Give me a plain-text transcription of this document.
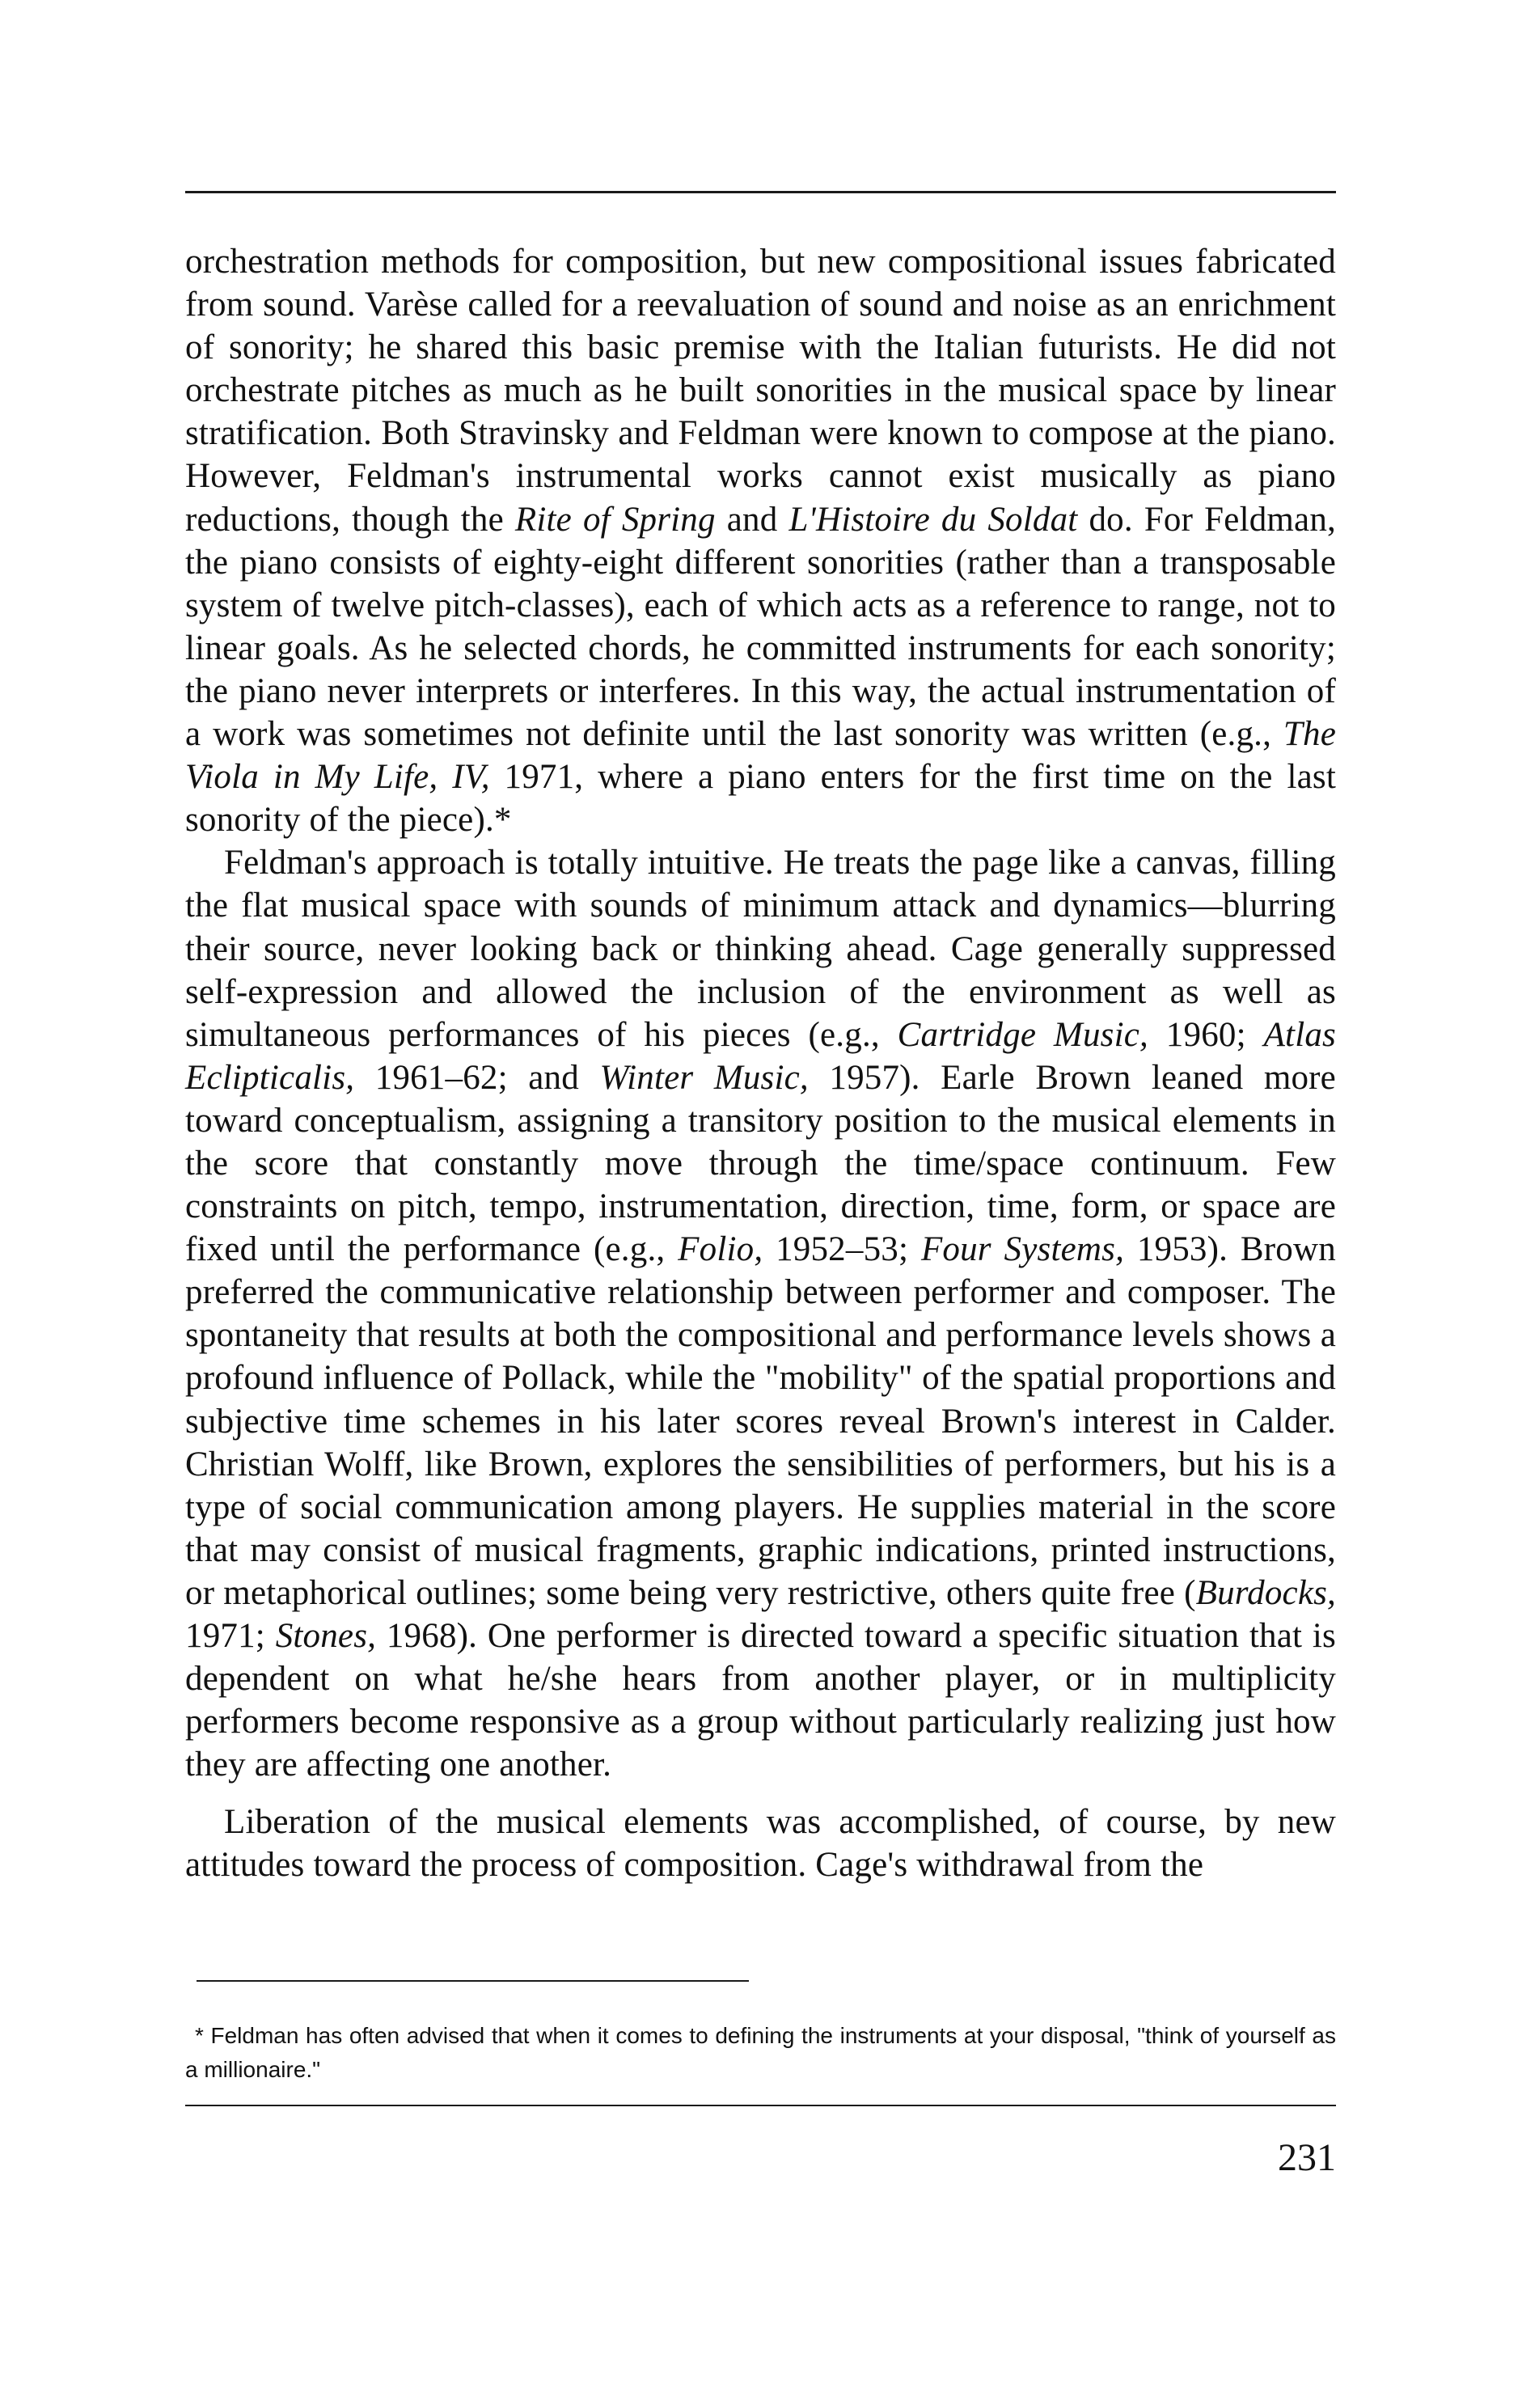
orchestration methods for composition, but new compositional issues fabricated from sound. Varèse called for a reevaluation of sound and noise as an enrichment of sonority; he shared this basic premise with the Italian futurists. He did not orchestrate pitches as much as he built sonorities in the musical space by linear stratification. Both Stravinsky and Feldman were known to compose at the piano. However, Feldman's instrumental works cannot exist musically as piano reductions, though the Rite of Spring and L'Histoire du Soldat do. For Feldman, the piano consists of eighty-eight different sonorities (rather than a transposable system of twelve pitch-classes), each of which acts as a reference to range, not to linear goals. As he selected chords, he committed instruments for each sonority; the piano never interprets or interferes. In this way, the actual instrumentation of a work was sometimes not definite until the last sonority was written (e.g., The Viola in My Life, IV, 1971, where a piano enters for the first time on the last sonority of the piece).*

Feldman's approach is totally intuitive. He treats the page like a canvas, filling the flat musical space with sounds of minimum attack and dynamics—blurring their source, never looking back or thinking ahead. Cage generally suppressed self-expression and allowed the inclusion of the environment as well as simultaneous performances of his pieces (e.g., Cartridge Music, 1960; Atlas Eclipticalis, 1961–62; and Winter Music, 1957). Earle Brown leaned more toward conceptualism, assigning a transitory position to the musical elements in the score that constantly move through the time/space continuum. Few constraints on pitch, tempo, instrumentation, direction, time, form, or space are fixed until the performance (e.g., Folio, 1952–53; Four Systems, 1953). Brown preferred the communicative relationship between performer and composer. The spontaneity that results at both the compositional and performance levels shows a profound influence of Pollack, while the "mobility" of the spatial proportions and subjective time schemes in his later scores reveal Brown's interest in Calder. Christian Wolff, like Brown, explores the sensibilities of performers, but his is a type of social communication among players. He supplies material in the score that may consist of musical fragments, graphic indications, printed instructions, or metaphorical outlines; some being very restrictive, others quite free (Burdocks, 1971; Stones, 1968). One performer is directed toward a specific situation that is dependent on what he/she hears from another player, or in multiplicity performers become responsive as a group without particularly realizing just how they are affecting one another.

Liberation of the musical elements was accomplished, of course, by new attitudes toward the process of composition. Cage's withdrawal from the

* Feldman has often advised that when it comes to defining the instruments at your disposal, "think of yourself as a millionaire."

231
